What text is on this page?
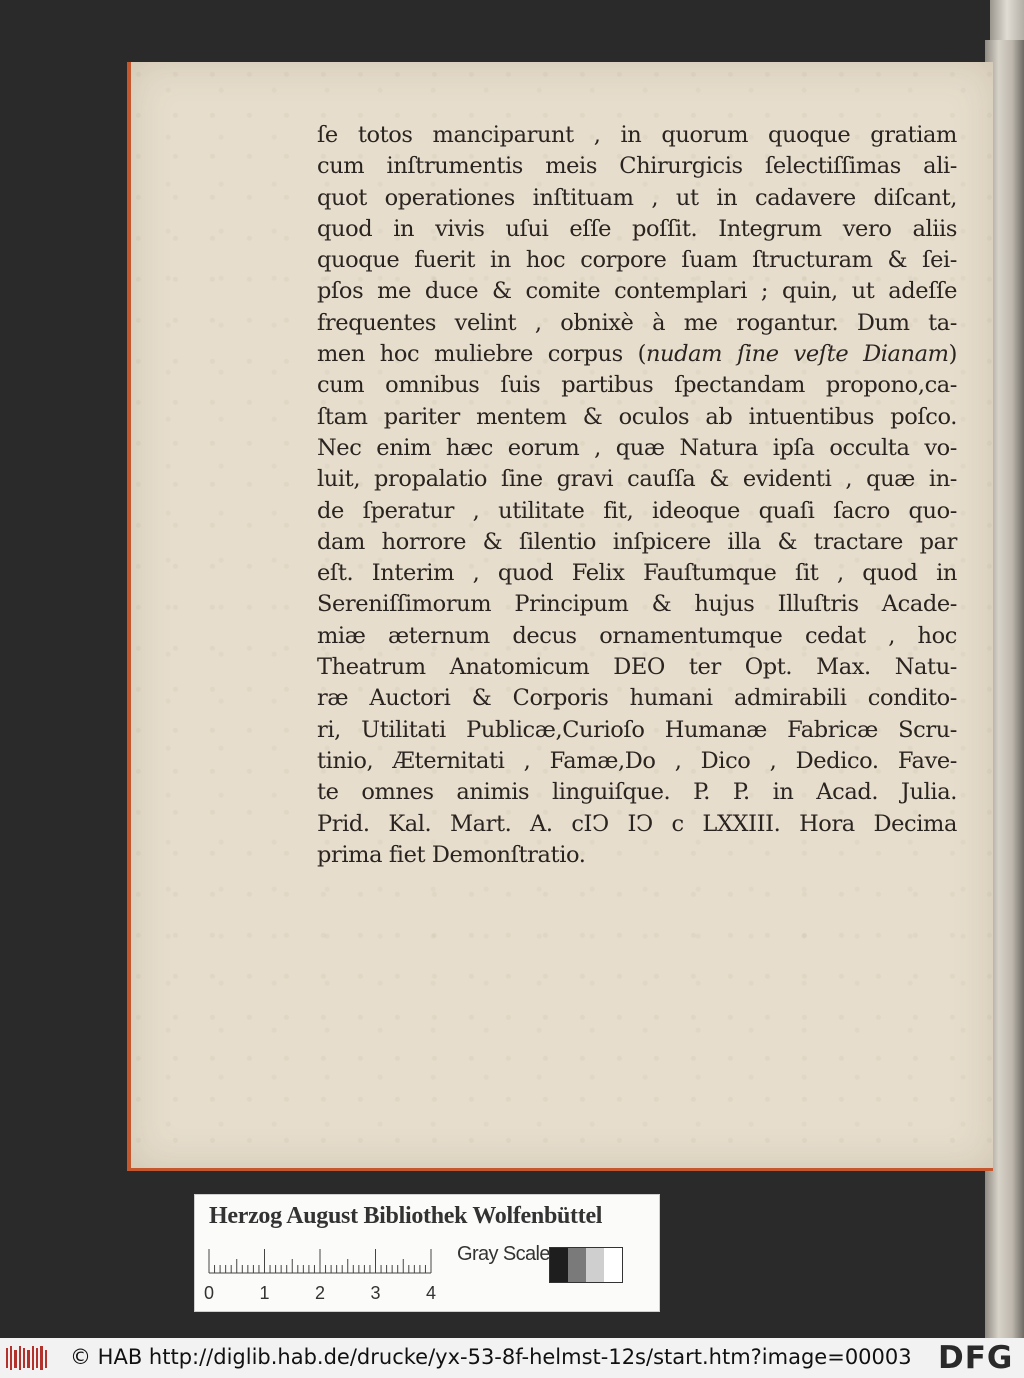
ſe totos manciparunt , in quorum quoque gratiam
cum inſtrumentis meis Chirurgicis ſelectiſſimas ali-
quot operationes inſtituam , ut in cadavere diſcant,
quod in vivis uſui eſſe poſſit. Integrum vero aliis
quoque fuerit in hoc corpore ſuam ſtructuram & ſei-
pſos me duce & comite contemplari ; quin, ut adeſſe
frequentes velint , obnixè à me rogantur. Dum ta-
men hoc muliebre corpus (nudam ſine veſte Dianam)
cum omnibus ſuis partibus ſpectandam propono,ca-
ſtam pariter mentem & oculos ab intuentibus poſco.
Nec enim hæc eorum , quæ Natura ipſa occulta vo-
luit, propalatio ſine gravi cauſſa & evidenti , quæ in-
de ſperatur , utilitate fit, ideoque quaſi ſacro quo-
dam horrore & ſilentio inſpicere illa & tractare par
eſt. Interim , quod Felix Fauſtumque ſit , quod in
Sereniſſimorum Principum & hujus Illuſtris Acade-
miæ æternum decus ornamentumque cedat , hoc
Theatrum Anatomicum DEO ter Opt. Max. Natu-
ræ Auctori & Corporis humani admirabili condito-
ri, Utilitati Publicæ,Curioſo Humanæ Fabricæ Scru-
tinio, Æternitati , Famæ,Do , Dico , Dedico. Fave-
te omnes animis linguiſque. P. P. in Acad. Julia.
Prid. Kal. Mart. A. cIↃ IↃ c LXXIII. Hora Decima
prima fiet Demonſtratio.
Herzog August Bibliothek Wolfenbüttel
0	1	2	3	4
Gray Scale
© HAB http://diglib.hab.de/drucke/yx-53-8f-helmst-12s/start.htm?image=00003 DFG
